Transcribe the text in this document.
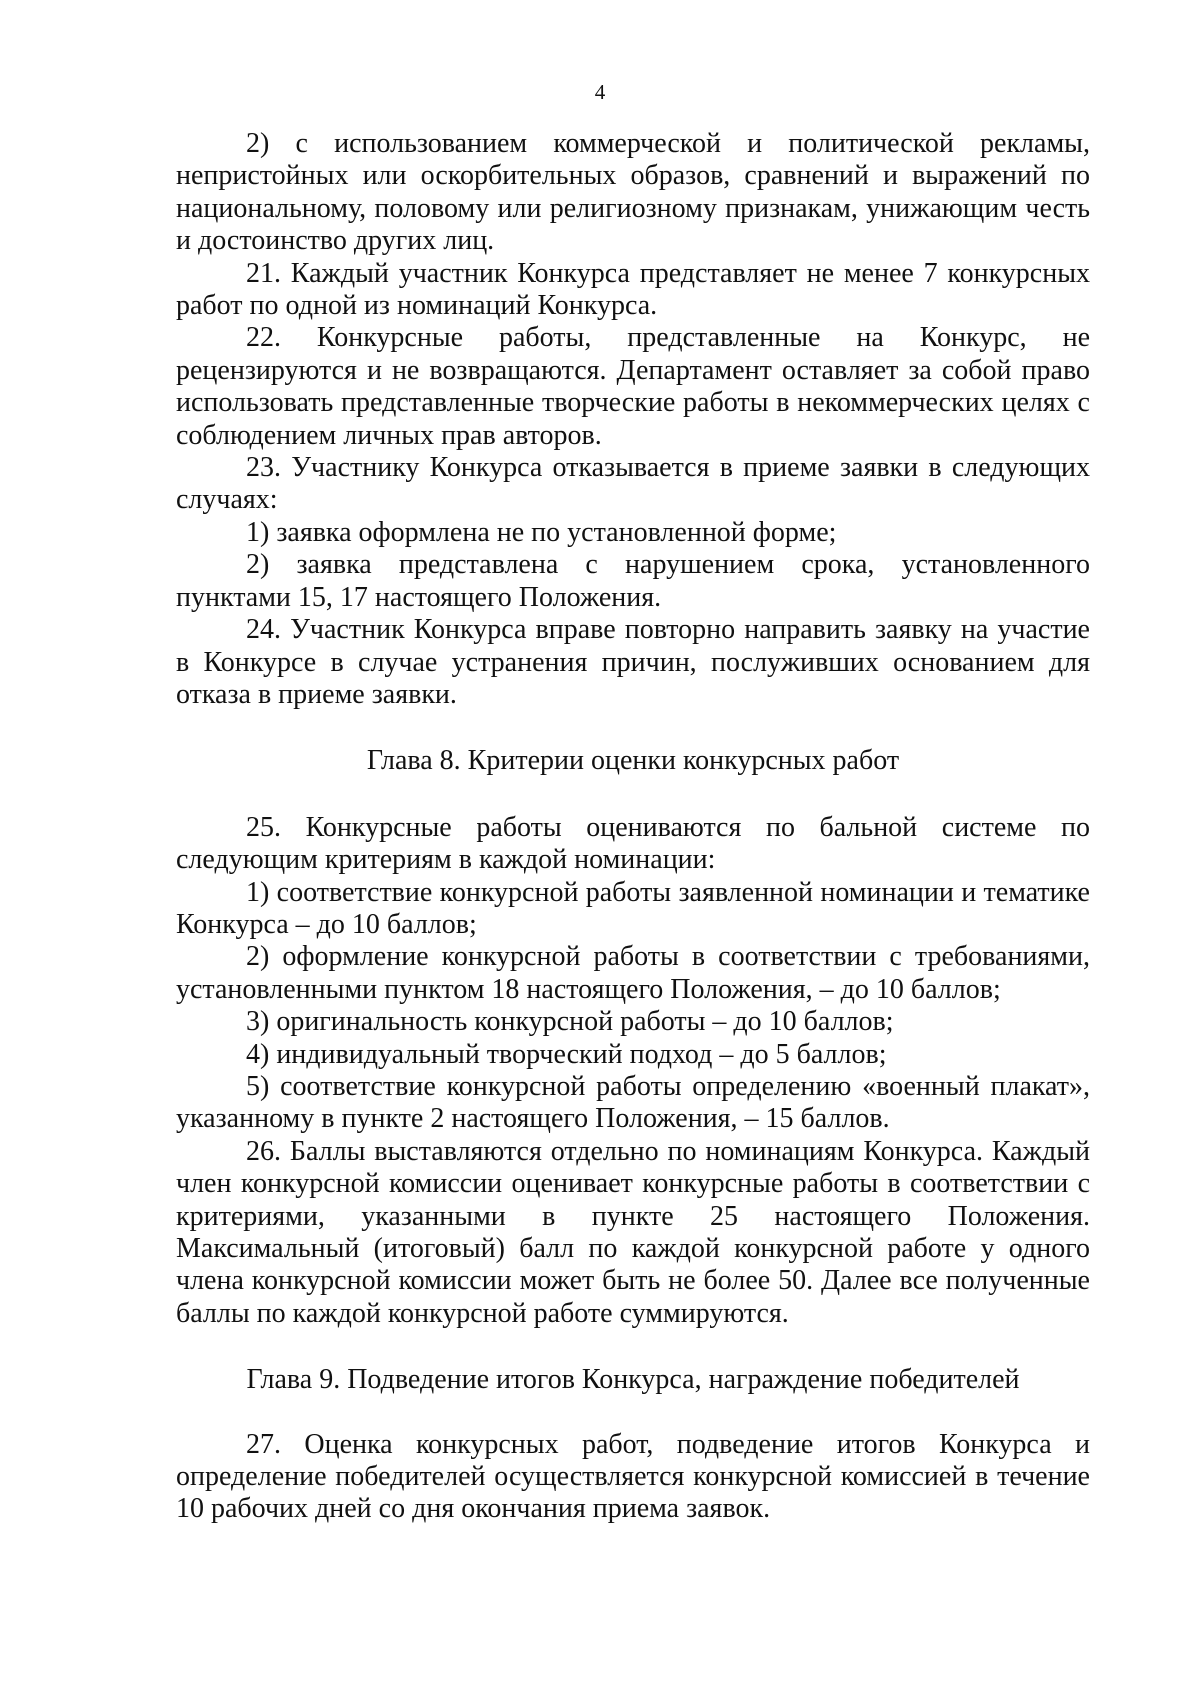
4

2) с использованием коммерческой и политической рекламы, непристойных или оскорбительных образов, сравнений и выражений по национальному, половому или религиозному признакам, унижающим честь и достоинство других лиц.

21. Каждый участник Конкурса представляет не менее 7 конкурсных работ по одной из номинаций Конкурса.

22. Конкурсные работы, представленные на Конкурс, не рецензируются и не возвращаются. Департамент оставляет за собой право использовать представленные творческие работы в некоммерческих целях с соблюдением личных прав авторов.

23. Участнику Конкурса отказывается в приеме заявки в следующих случаях:

1) заявка оформлена не по установленной форме;

2) заявка представлена с нарушением срока, установленного пунктами 15, 17 настоящего Положения.

24. Участник Конкурса вправе повторно направить заявку на участие в Конкурсе в случае устранения причин, послуживших основанием для отказа в приеме заявки.

Глава 8. Критерии оценки конкурсных работ

25. Конкурсные работы оцениваются по бальной системе по следующим критериям в каждой номинации:

1) соответствие конкурсной работы заявленной номинации и тематике Конкурса – до 10 баллов;

2) оформление конкурсной работы в соответствии с требованиями, установленными пунктом 18 настоящего Положения, – до 10 баллов;

3) оригинальность конкурсной работы – до 10 баллов;

4) индивидуальный творческий подход – до 5 баллов;

5) соответствие конкурсной работы определению «военный плакат», указанному в пункте 2 настоящего Положения, – 15 баллов.

26. Баллы выставляются отдельно по номинациям Конкурса. Каждый член конкурсной комиссии оценивает конкурсные работы в соответствии с критериями, указанными в пункте 25 настоящего Положения. Максимальный (итоговый) балл по каждой конкурсной работе у одного члена конкурсной комиссии может быть не более 50. Далее все полученные баллы по каждой конкурсной работе суммируются.

Глава 9. Подведение итогов Конкурса, награждение победителей

27. Оценка конкурсных работ, подведение итогов Конкурса и определение победителей осуществляется конкурсной комиссией в течение 10 рабочих дней со дня окончания приема заявок.
